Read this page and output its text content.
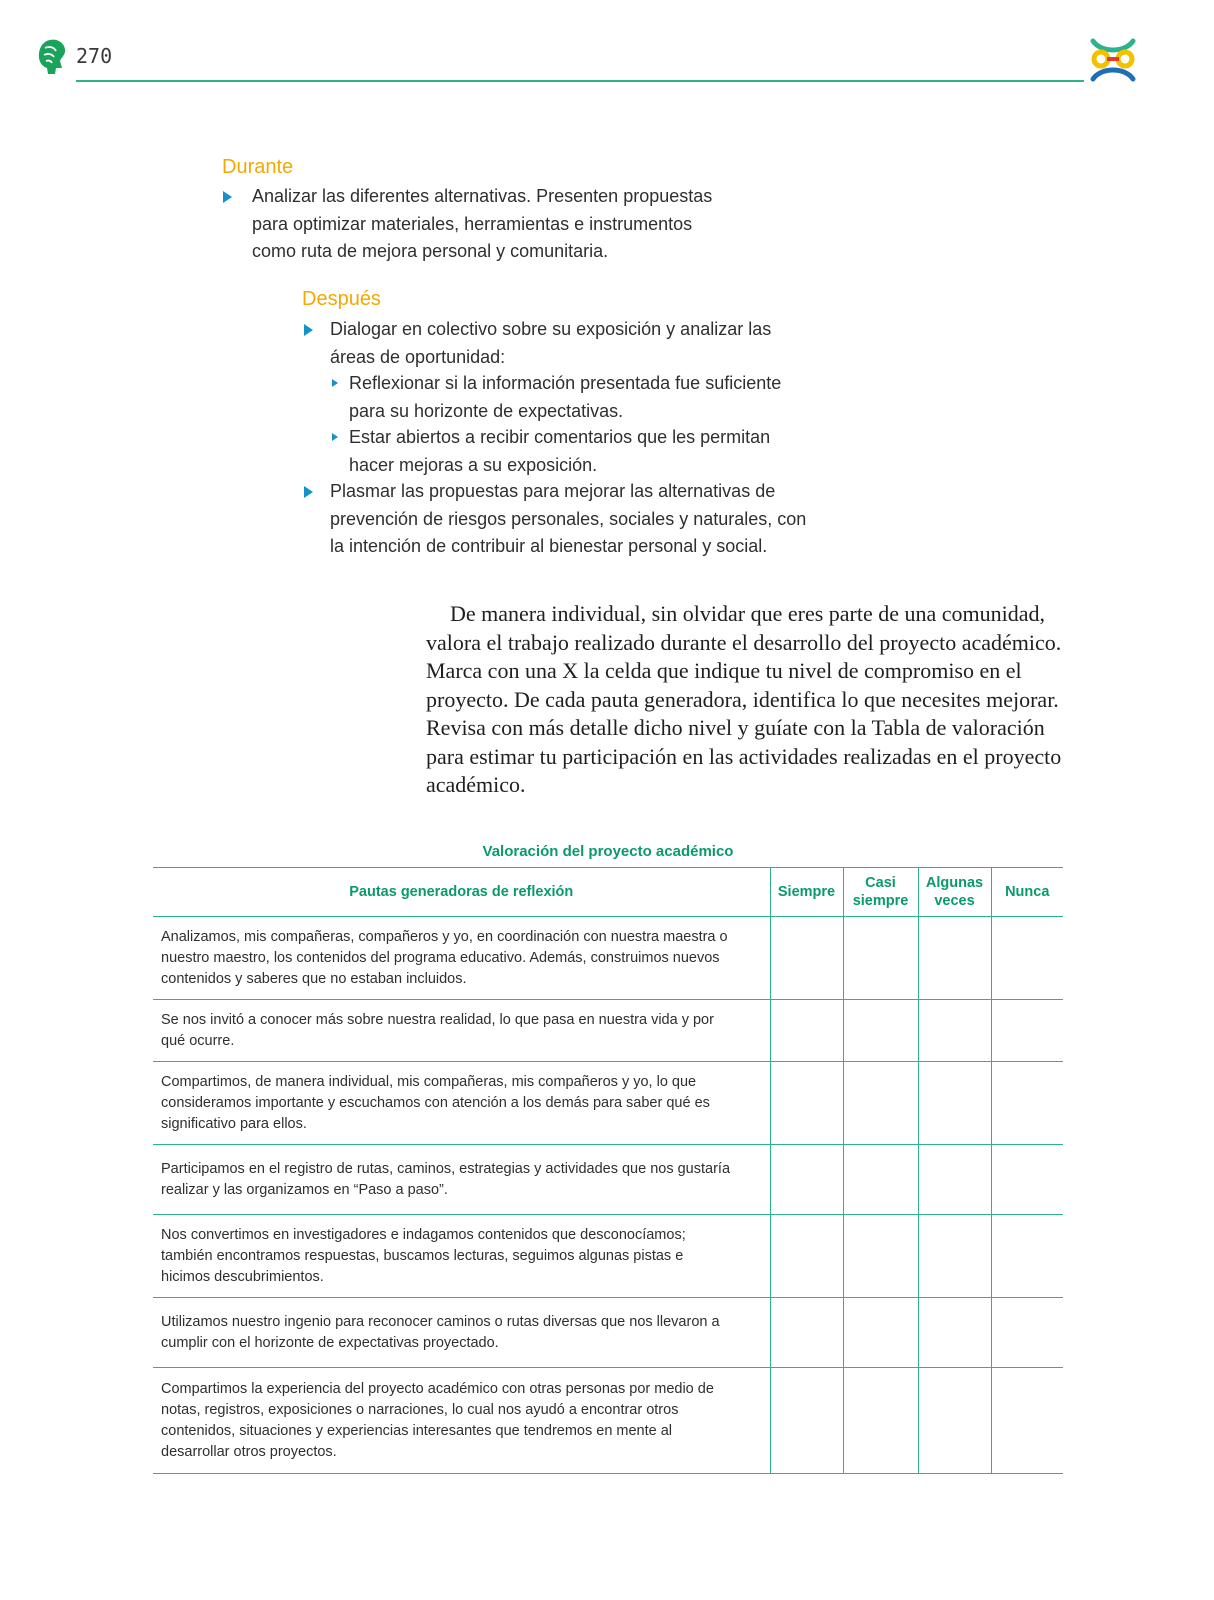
270
Durante
Analizar las diferentes alternativas. Presenten propuestas
para optimizar materiales, herramientas e instrumentos
como ruta de mejora personal y comunitaria.
Después
Dialogar en colectivo sobre su exposición y analizar las
áreas de oportunidad:
Reflexionar si la información presentada fue suficiente
para su horizonte de expectativas.
Estar abiertos a recibir comentarios que les permitan
hacer mejoras a su exposición.
Plasmar las propuestas para mejorar las alternativas de
prevención de riesgos personales, sociales y naturales, con
la intención de contribuir al bienestar personal y social.

De manera individual, sin olvidar que eres parte de una comunidad, valora el trabajo realizado durante el desarrollo del proyecto académico. Marca con una X la celda que indique tu nivel de compromiso en el proyecto. De cada pauta generadora, identifica lo que necesites mejorar. Revisa con más detalle dicho nivel y guíate con la Tabla de valoración para estimar tu participación en las actividades realizadas en el proyecto académico.

Valoración del proyecto académico
Pautas generadoras de reflexión	Siempre	Casi siempre	Algunas veces	Nunca
Analizamos, mis compañeras, compañeros y yo, en coordinación con nuestra maestra o nuestro maestro, los contenidos del programa educativo. Además, construimos nuevos contenidos y saberes que no estaban incluidos.				
Se nos invitó a conocer más sobre nuestra realidad, lo que pasa en nuestra vida y por qué ocurre.				
Compartimos, de manera individual, mis compañeras, mis compañeros y yo, lo que consideramos importante y escuchamos con atención a los demás para saber qué es significativo para ellos.				
Participamos en el registro de rutas, caminos, estrategias y actividades que nos gustaría realizar y las organizamos en “Paso a paso”.				
Nos convertimos en investigadores e indagamos contenidos que desconocíamos; también encontramos respuestas, buscamos lecturas, seguimos algunas pistas e hicimos descubrimientos.				
Utilizamos nuestro ingenio para reconocer caminos o rutas diversas que nos llevaron a cumplir con el horizonte de expectativas proyectado.				
Compartimos la experiencia del proyecto académico con otras personas por medio de notas, registros, exposiciones o narraciones, lo cual nos ayudó a encontrar otros contenidos, situaciones y experiencias interesantes que tendremos en mente al desarrollar otros proyectos.				
